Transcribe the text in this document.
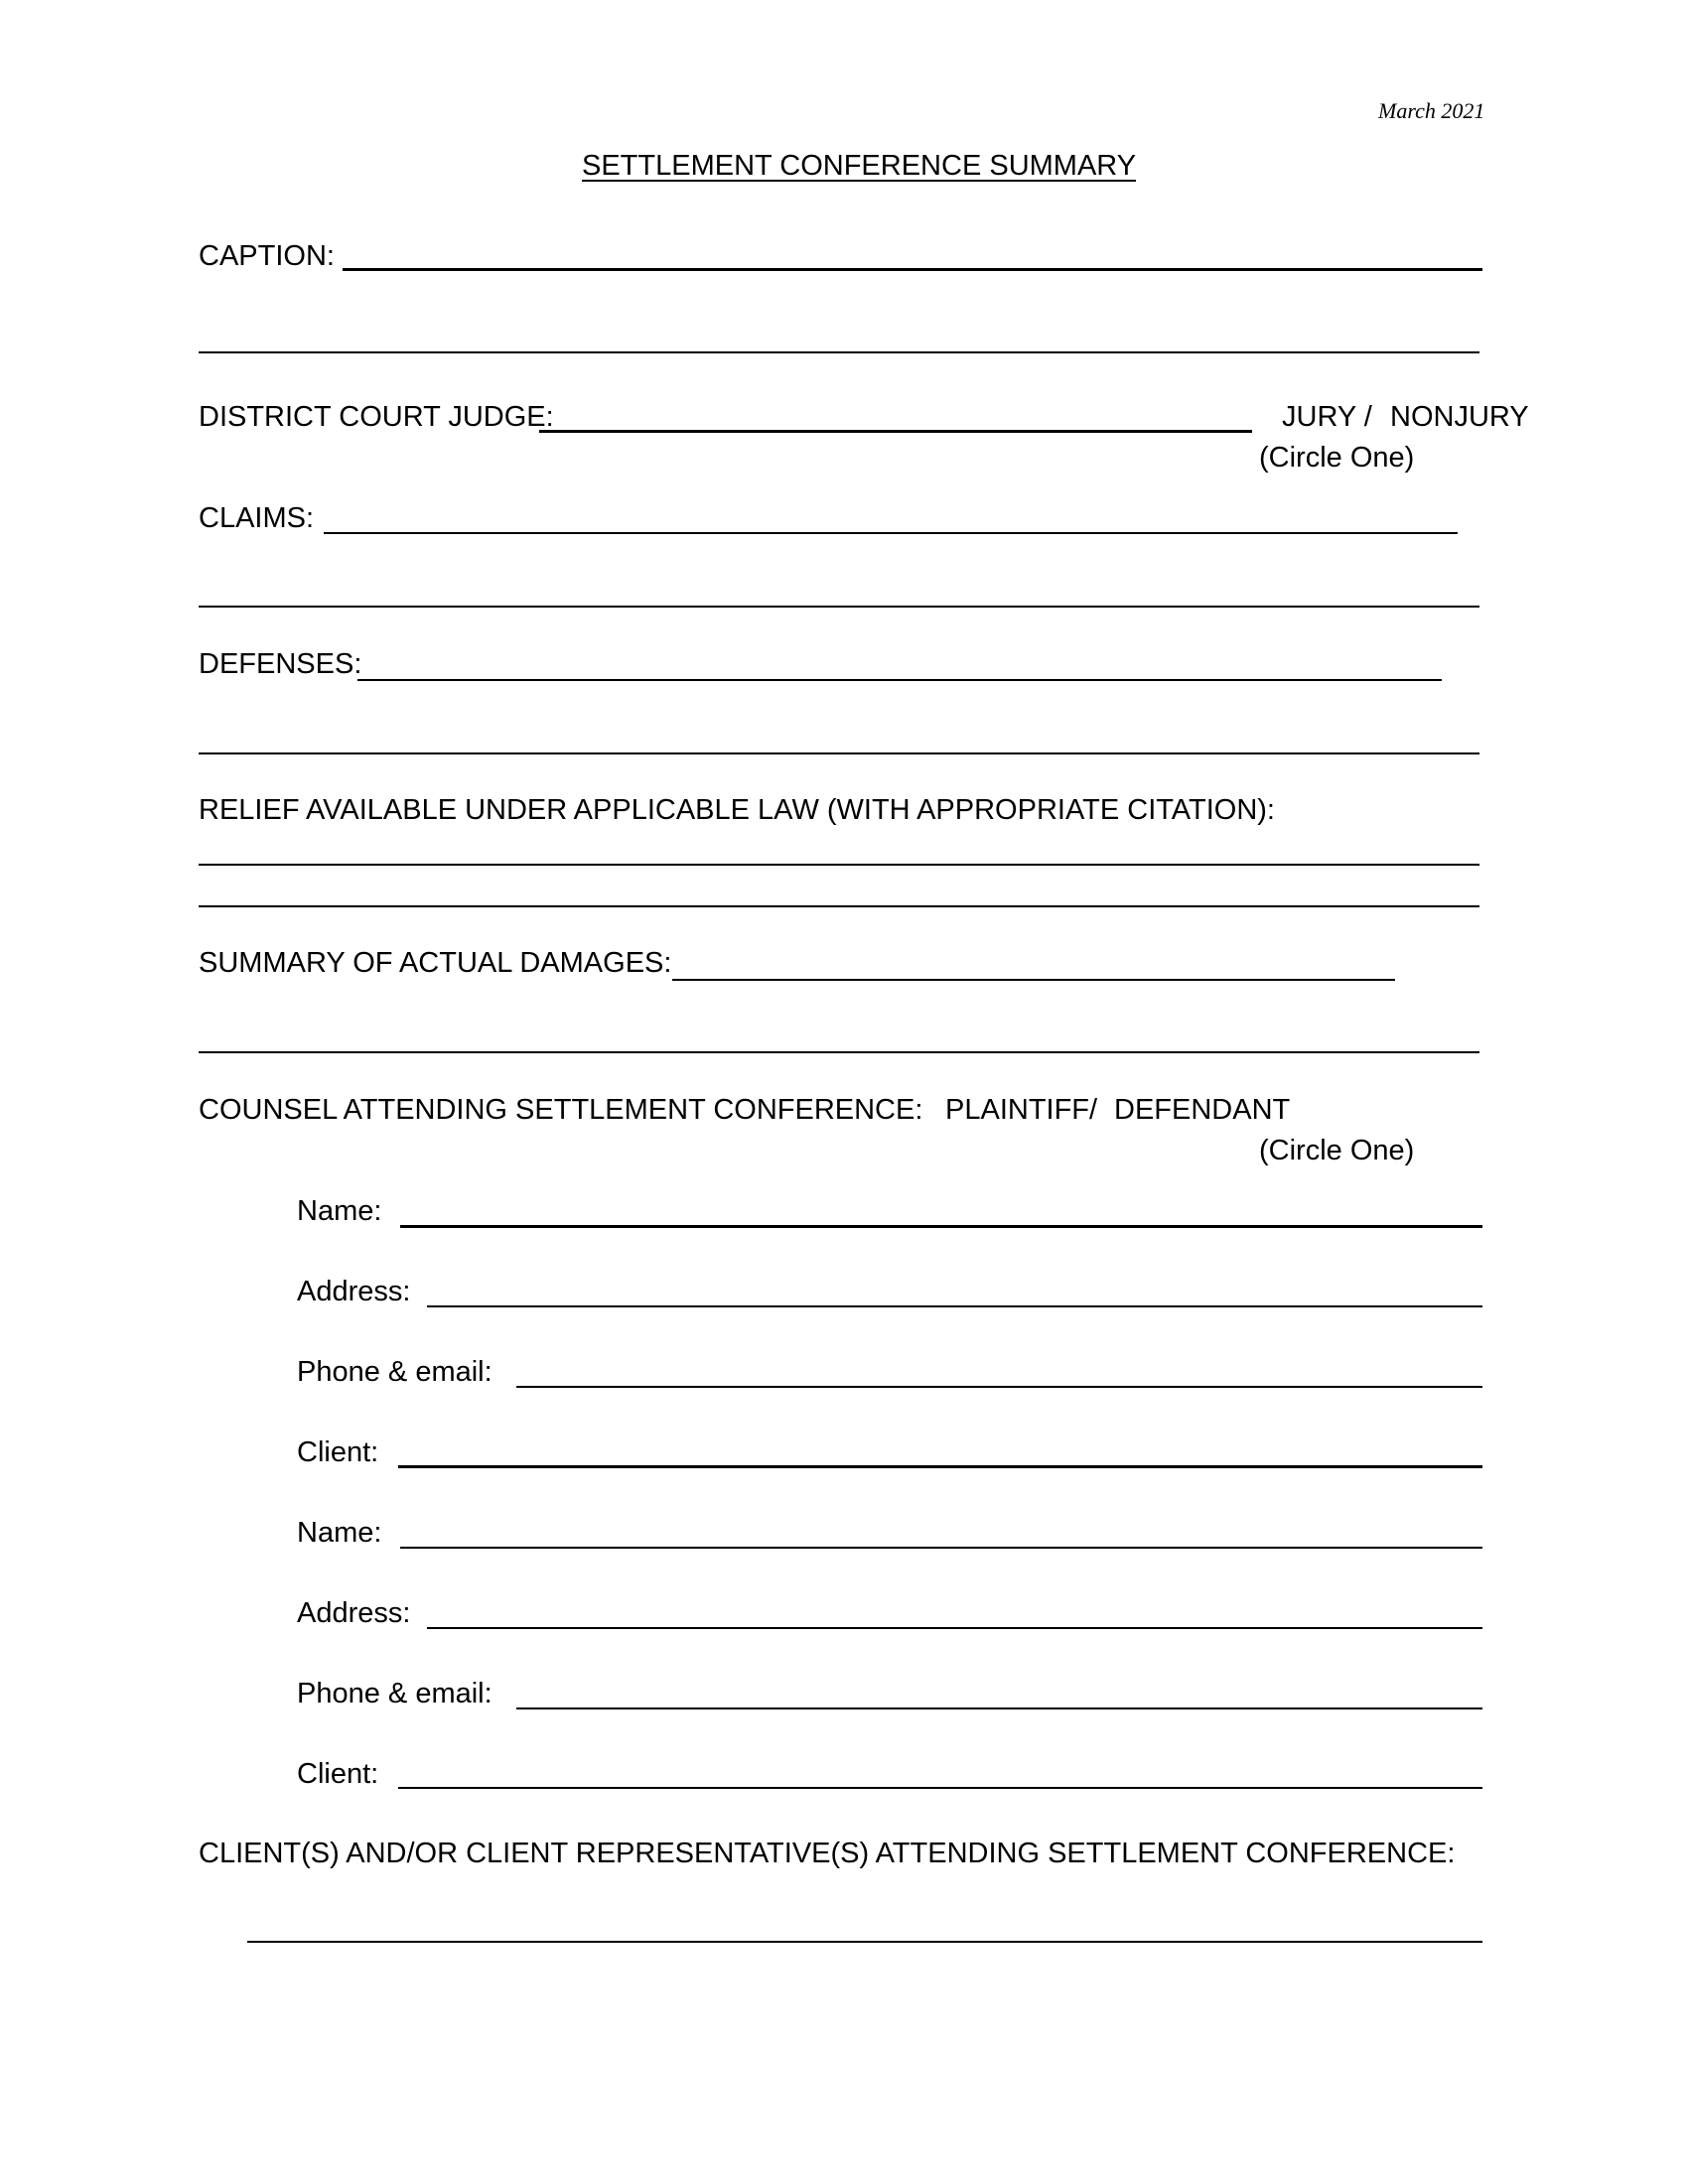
March 2021
SETTLEMENT CONFERENCE SUMMARY
CAPTION:
DISTRICT COURT JUDGE:	JURY / NONJURY
(Circle One)
CLAIMS:
DEFENSES:
RELIEF AVAILABLE UNDER APPLICABLE LAW (WITH APPROPRIATE CITATION):
SUMMARY OF ACTUAL DAMAGES:
COUNSEL ATTENDING SETTLEMENT CONFERENCE: PLAINTIFF/ DEFENDANT
(Circle One)
Name:
Address:
Phone & email:
Client:
Name:
Address:
Phone & email:
Client:
CLIENT(S) AND/OR CLIENT REPRESENTATIVE(S) ATTENDING SETTLEMENT CONFERENCE:
